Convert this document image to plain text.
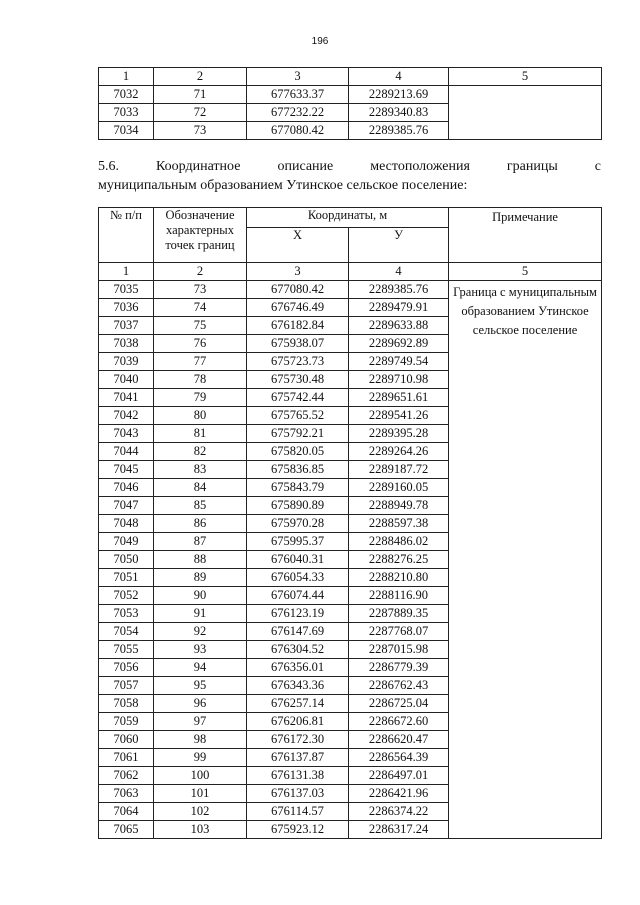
196
1	2	3	4	5
7032	71	677633.37	2289213.69	
7033	72	677232.22	2289340.83	
7034	73	677080.42	2289385.76	
5.6. Координатное описание местоположения границы с
муниципальным образованием Утинское сельское поселение:
№ п/п	Обозначение характерных точек границ	Координаты, м		Примечание
		X	У	
1	2	3	4	5
7035	73	677080.42	2289385.76	Граница с муниципальным образованием Утинское сельское поселение
7036	74	676746.49	2289479.91	
7037	75	676182.84	2289633.88	
7038	76	675938.07	2289692.89	
7039	77	675723.73	2289749.54	
7040	78	675730.48	2289710.98	
7041	79	675742.44	2289651.61	
7042	80	675765.52	2289541.26	
7043	81	675792.21	2289395.28	
7044	82	675820.05	2289264.26	
7045	83	675836.85	2289187.72	
7046	84	675843.79	2289160.05	
7047	85	675890.89	2288949.78	
7048	86	675970.28	2288597.38	
7049	87	675995.37	2288486.02	
7050	88	676040.31	2288276.25	
7051	89	676054.33	2288210.80	
7052	90	676074.44	2288116.90	
7053	91	676123.19	2287889.35	
7054	92	676147.69	2287768.07	
7055	93	676304.52	2287015.98	
7056	94	676356.01	2286779.39	
7057	95	676343.36	2286762.43	
7058	96	676257.14	2286725.04	
7059	97	676206.81	2286672.60	
7060	98	676172.30	2286620.47	
7061	99	676137.87	2286564.39	
7062	100	676131.38	2286497.01	
7063	101	676137.03	2286421.96	
7064	102	676114.57	2286374.22	
7065	103	675923.12	2286317.24	
